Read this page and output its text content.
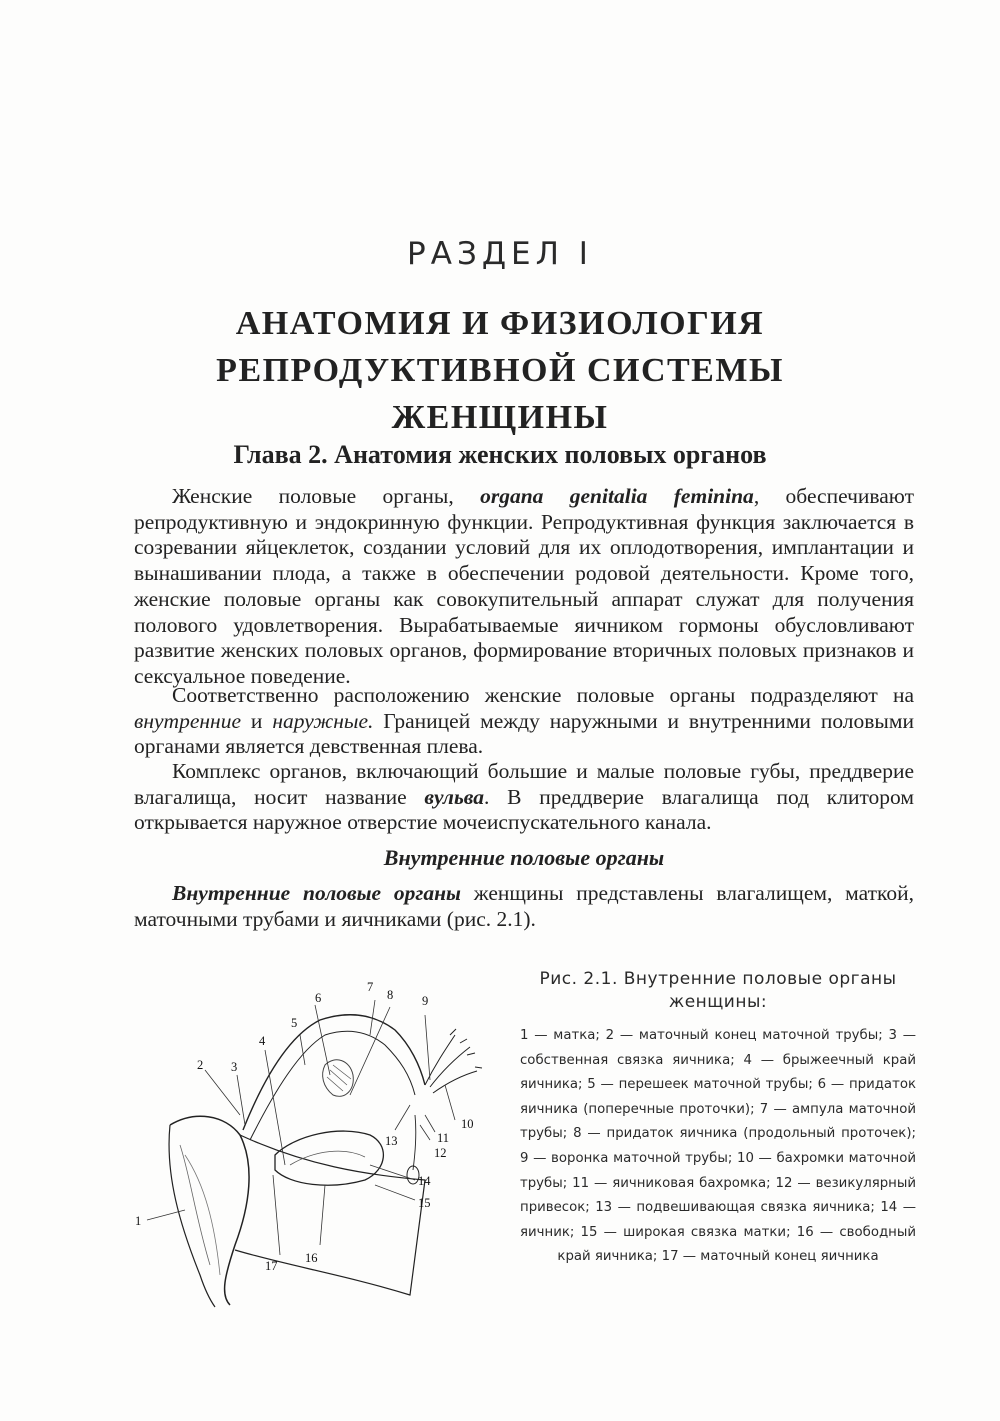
РАЗДЕЛ I
АНАТОМИЯ И ФИЗИОЛОГИЯ
РЕПРОДУКТИВНОЙ СИСТЕМЫ
ЖЕНЩИНЫ
Глава 2. Анатомия женских половых органов

Женские половые органы, organa genitalia feminina, обеспечивают репродуктивную и эндокринную функции. Репродуктивная функция заключается в созревании яйцеклеток, создании условий для их оплодотворения, имплантации и вынашивании плода, а также в обеспечении родовой деятельности. Кроме того, женские половые органы как совокупительный аппарат служат для получения полового удовлетворения. Вырабатываемые яичником гормоны обусловливают развитие женских половых органов, формирование вторичных половых признаков и сексуальное поведение.

Соответственно расположению женские половые органы подразделяют на внутренние и наружные. Границей между наружными и внутренними половыми органами является девственная плева.

Комплекс органов, включающий большие и малые половые губы, преддверие влагалища, носит название вульва. В преддверие влагалища под клитором открывается наружное отверстие мочеиспускательного канала.

Внутренние половые органы

Внутренние половые органы женщины представлены влагалищем, маткой, маточными трубами и яичниками (рис. 2.1).

1
2 3
4
5
6
7
8 9
10
11
12
13
14
15
16
17
Рис. 2.1. Внутренние половые органы женщины:
1 — матка; 2 — маточный конец маточной трубы; 3 — собственная связка яичника; 4 — брыжеечный край яичника; 5 — перешеек маточной трубы; 6 — придаток яичника (поперечные проточки); 7 — ампула маточной трубы; 8 — придаток яичника (продольный проточек); 9 — воронка маточной трубы; 10 — бахромки маточной трубы; 11 — яичниковая бахромка; 12 — везикулярный привесок; 13 — подвешивающая связка яичника; 14 — яичник; 15 — широкая связка матки; 16 — свободный край яичника; 17 — маточный конец яичника
